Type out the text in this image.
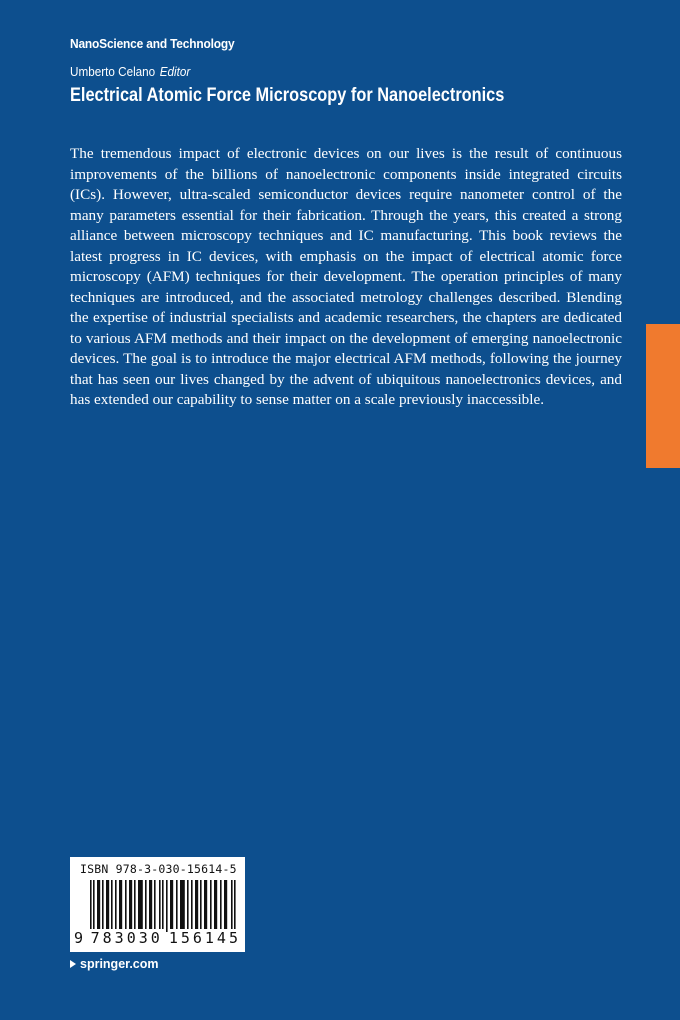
NanoScience and Technology
Umberto Celano Editor
Electrical Atomic Force Microscopy for Nanoelectronics

The tremendous impact of electronic devices on our lives is the result of continuous improvements of the billions of nanoelectronic components inside integrated circuits (ICs). However, ultra-scaled semiconductor devices require nanometer control of the many parameters essential for their fabrication. Through the years, this created a strong alliance between microscopy techniques and IC manufacturing. This book reviews the latest progress in IC devices, with emphasis on the impact of electrical atomic force microscopy (AFM) techniques for their development. The operation principles of many techniques are introduced, and the associated metrology challenges described. Blending the expertise of industrial specialists and academic researchers, the chapters are dedicated to various AFM methods and their impact on the development of emerging nanoelectronic devices. The goal is to introduce the major electrical AFM methods, following the journey that has seen our lives changed by the advent of ubiquitous nanoelectronics devices, and has extended our capability to sense matter on a scale previously inaccessible.

ISBN 978-3-030-15614-5
9 783030 156145
springer.com
